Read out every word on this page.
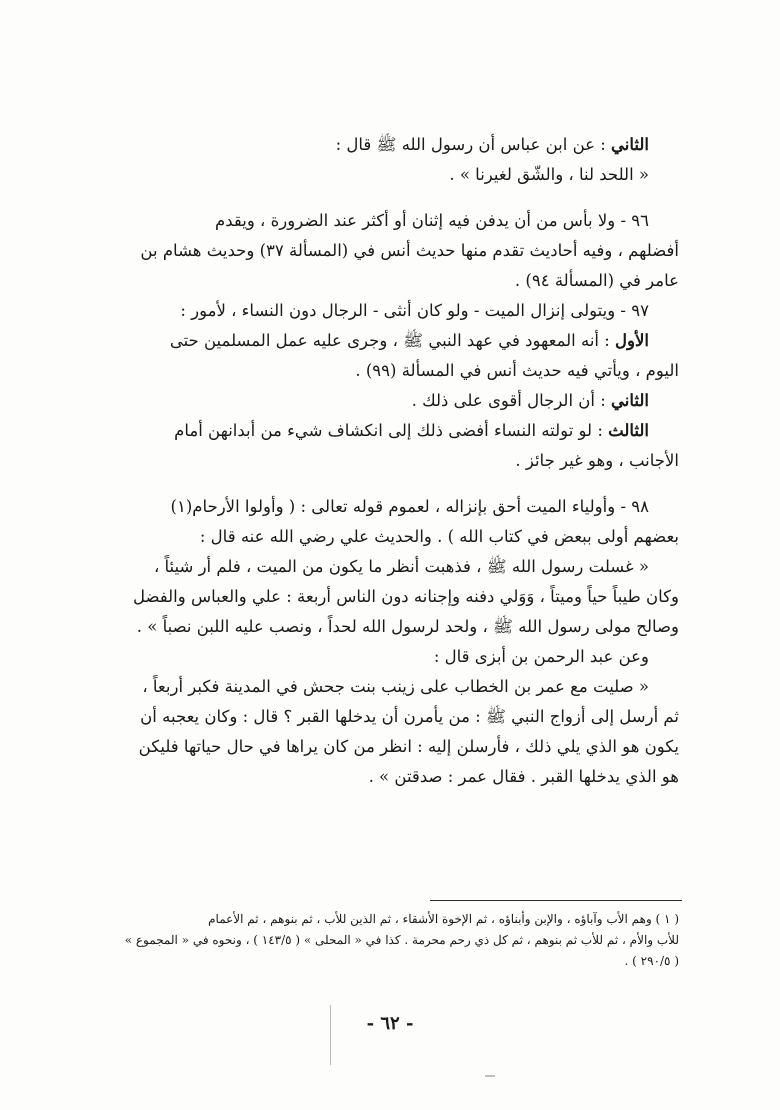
الثاني : عن ابن عباس أن رسول الله ﷺ قال :

« اللحد لنا ، والشّق لغيرنا » .

٩٦ - ولا بأس من أن يدفن فيه إثنان أو أكثر عند الضرورة ، ويقدم

أفضلهم ، وفيه أحاديث تقدم منها حديث أنس في (المسألة ٣٧) وحديث هشام بن

عامر في (المسألة ٩٤) .

٩٧ - ويتولى إنزال الميت - ولو كان أنثى - الرجال دون النساء ، لأمور :

الأول : أنه المعهود في عهد النبي ﷺ ، وجرى عليه عمل المسلمين حتى

اليوم ، ويأتي فيه حديث أنس في المسألة (٩٩) .

الثاني : أن الرجال أقوى على ذلك .

الثالث : لو تولته النساء أفضى ذلك إلى انكشاف شيء من أبدانهن أمام

الأجانب ، وهو غير جائز .

٩٨ - وأولياء الميت أحق بإنزاله ، لعموم قوله تعالى : ( وأولوا الأرحام(١)

بعضهم أولى ببعض في كتاب الله ) . والحديث علي رضي الله عنه قال :

« غسلت رسول الله ﷺ ، فذهبت أنظر ما يكون من الميت ، فلم أر شيئاً ،

وكان طيباً حياً وميتاً ، وَوَلي دفنه وإجنانه دون الناس أربعة : علي والعباس والفضل

وصالح مولى رسول الله ﷺ ، ولحد لرسول الله لحداً ، ونصب عليه اللبن نصباً » .

وعن عبد الرحمن بن أبزى قال :

« صليت مع عمر بن الخطاب على زينب بنت جحش في المدينة فكبر أربعاً ،

ثم أرسل إلى أزواج النبي ﷺ : من يأمرن أن يدخلها القبر ؟ قال : وكان يعجبه أن

يكون هو الذي يلي ذلك ، فأرسلن إليه : انظر من كان يراها في حال حياتها فليكن

هو الذي يدخلها القبر . فقال عمر : صدقتن » .

( ١ ) وهم الأب وآباؤه ، والإبن وأبناؤه ، ثم الإخوة الأشقاء ، ثم الذين للأب ، ثم بنوهم ، ثم الأعمام

للأب والأم ، ثم للأب ثم بنوهم ، ثم كل ذي رحم محرمة . كذا في « المحلى » ( ١٤٣/٥ ) ، ونحوه في « المجموع »

( ٢٩٠/٥ ) .

- ٦٢ -
